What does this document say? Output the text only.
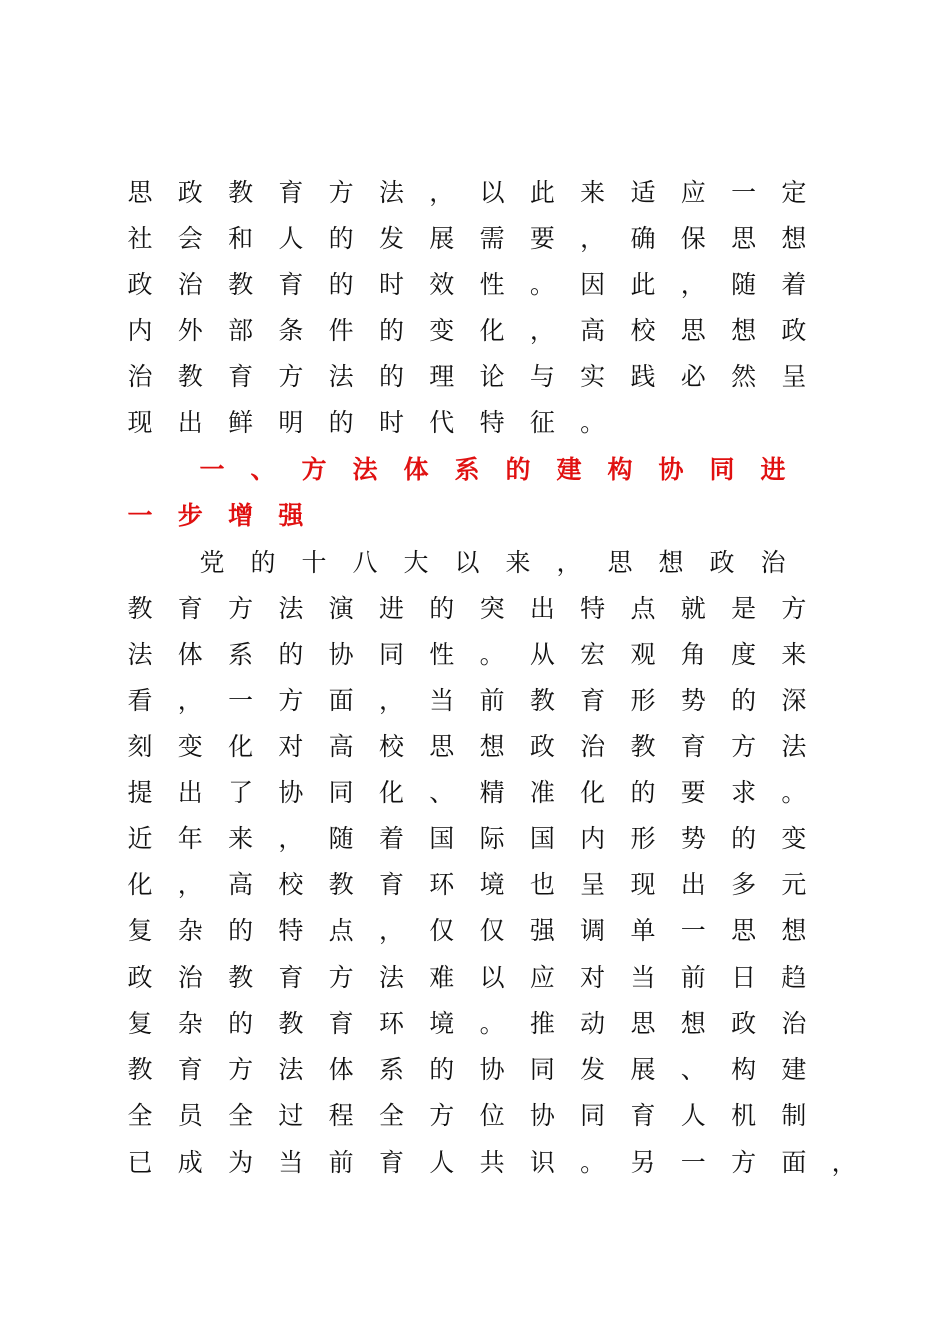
思 政 教 育 方 法 ， 以 此 来 适 应 一 定
社 会 和 人 的 发 展 需 要 ， 确 保 思 想
政 治 教 育 的 时 效 性 。 因 此 ， 随 着
内 外 部 条 件 的 变 化 ， 高 校 思 想 政
治 教 育 方 法 的 理 论 与 实 践 必 然 呈
现 出 鲜 明 的 时 代 特 征 。
一 、 方 法 体 系 的 建 构 协 同 进
一 步 增 强
党 的 十 八 大 以 来 ， 思 想 政 治
教 育 方 法 演 进 的 突 出 特 点 就 是 方
法 体 系 的 协 同 性 。 从 宏 观 角 度 来
看 ， 一 方 面 ， 当 前 教 育 形 势 的 深
刻 变 化 对 高 校 思 想 政 治 教 育 方 法
提 出 了 协 同 化 、 精 准 化 的 要 求 。
近 年 来 ， 随 着 国 际 国 内 形 势 的 变
化 ， 高 校 教 育 环 境 也 呈 现 出 多 元
复 杂 的 特 点 ， 仅 仅 强 调 单 一 思 想
政 治 教 育 方 法 难 以 应 对 当 前 日 趋
复 杂 的 教 育 环 境 。 推 动 思 想 政 治
教 育 方 法 体 系 的 协 同 发 展 、 构 建
全 员 全 过 程 全 方 位 协 同 育 人 机 制
已 成 为 当 前 育 人 共 识 。 另 一 方 面 ，
